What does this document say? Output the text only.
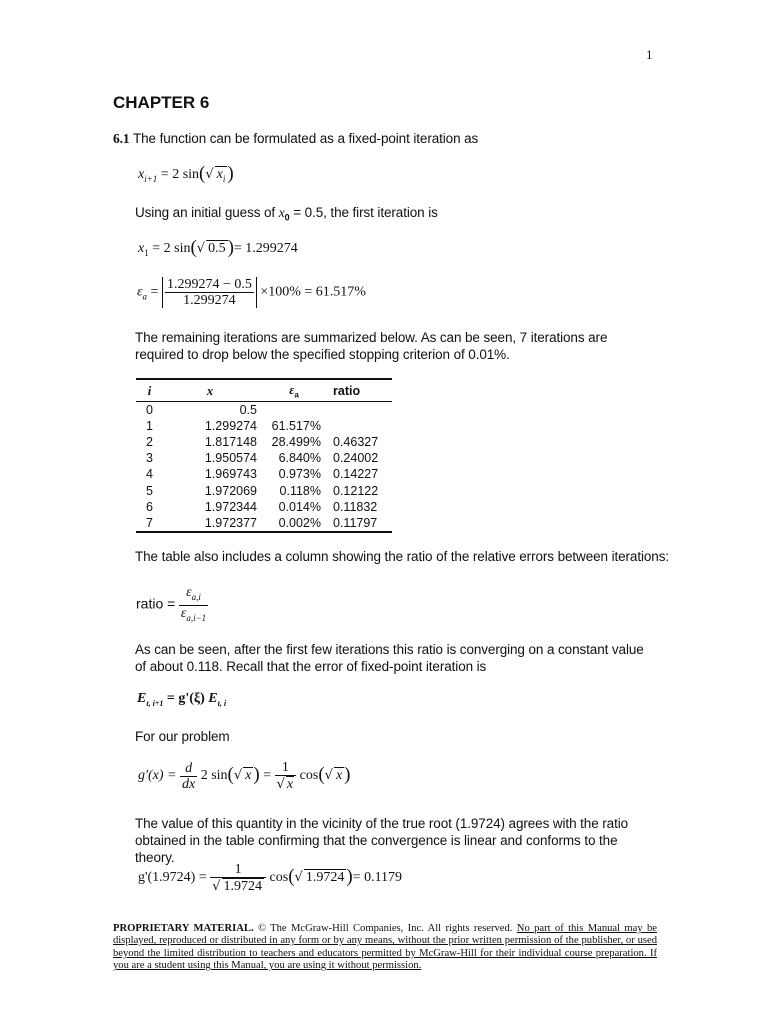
1
CHAPTER 6
6.1 The function can be formulated as a fixed-point iteration as
$x_{i+1} = 2$ sin(√ $x_i$ )
Using an initial guess of $x_0 = 0.5$, the first iteration is
$x_1 = 2$ sin(√ 0.5 )= 1.299274
$\varepsilon_a = \frac{1.299274 - 0.5}{1.299274} \times 100\% = 61.517\%$
The remaining iterations are summarized below. As can be seen, 7 iterations are required to drop below the specified stopping criterion of 0.01%.
i	x	$\varepsilon_a$	ratio
0	0.5		
1	1.299274	61.517%	
2	1.817148	28.499%	0.46327
3	1.950574	6.840%	0.24002
4	1.969743	0.973%	0.14227
5	1.972069	0.118%	0.12122
6	1.972344	0.014%	0.11832
7	1.972377	0.002%	0.11797
The table also includes a column showing the ratio of the relative errors between iterations:
ratio = $\frac{\varepsilon_{a,i}}{\varepsilon_{a,i-1}}$
As can be seen, after the first few iterations this ratio is converging on a constant value of about 0.118. Recall that the error of fixed-point iteration is
$E_{t, i+1} = g'(\xi)$ $E_{t, i}$
For our problem
$g'(x) = \frac{d}{dx} 2$ sin(√ x ) = $\frac{1}{√ x} \cos(√$ x )
The value of this quantity in the vicinity of the true root (1.9724) agrees with the ratio obtained in the table confirming that the convergence is linear and conforms to the theory.
$g'(1.9724) = \frac{1}{√ 1.9724} \cos(√$ 1.9724 )= 0.1179
PROPRIETARY MATERIAL. © The McGraw-Hill Companies, Inc. All rights reserved. No part of this Manual may be displayed, reproduced or distributed in any form or by any means, without the prior written permission of the publisher, or used beyond the limited distribution to teachers and educators permitted by McGraw-Hill for their individual course preparation. If you are a student using this Manual, you are using it without permission.
